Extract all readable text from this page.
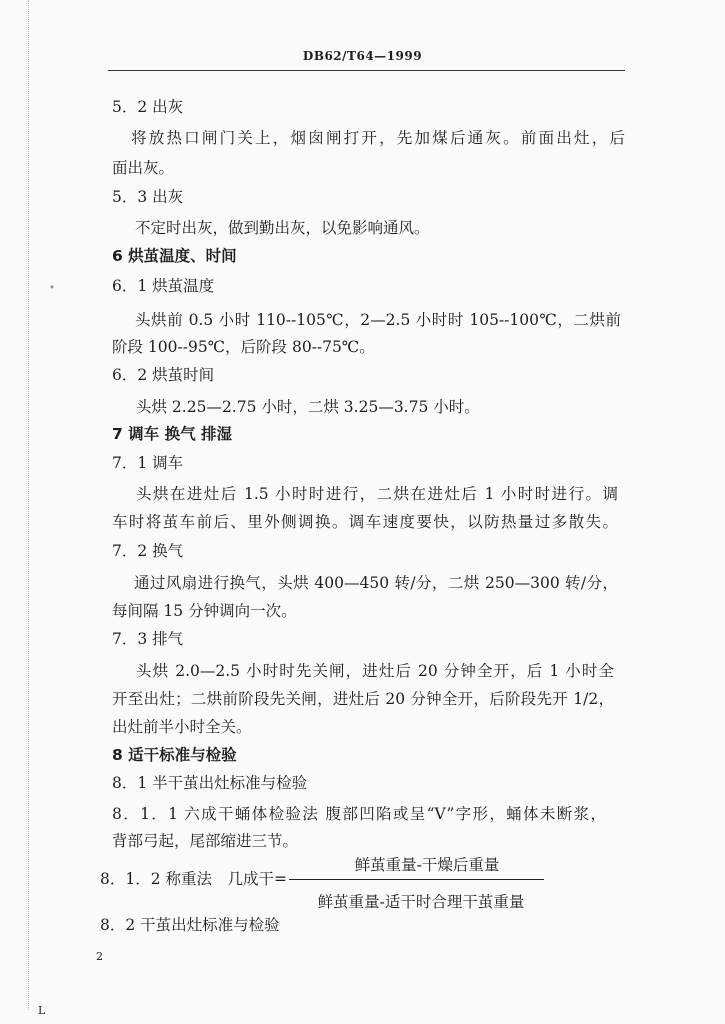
•
DB62/T64—1999
5．2 出灰
将放热口闸门关上，烟囱闸打开，先加煤后通灰。前面出灶，后
面出灰。
5．3 出灰
不定时出灰，做到勤出灰，以免影响通风。
6 烘茧温度、时间
6．1 烘茧温度
头烘前 0.5 小时 110--105℃，2—2.5 小时时 105--100℃，二烘前
阶段 100--95℃，后阶段 80--75℃。
6．2 烘茧时间
头烘 2.25—2.75 小时，二烘 3.25—3.75 小时。
7 调车 换气 排湿
7．1 调车
头烘在进灶后 1.5 小时时进行，二烘在进灶后 1 小时时进行。调
车时将茧车前后、里外侧调换。调车速度要快，以防热量过多散失。
7．2 换气
通过风扇进行换气，头烘 400—450 转/分，二烘 250—300 转/分，
每间隔 15 分钟调向一次。
7．3 排气
头烘 2.0—2.5 小时时先关闸，进灶后 20 分钟全开，后 1 小时全
开至出灶；二烘前阶段先关闸，进灶后 20 分钟全开，后阶段先开 1/2，
出灶前半小时全关。
8 适干标准与检验
8．1 半干茧出灶标准与检验
8．1．1 六成干蛹体检验法 腹部凹陷或呈“V”字形，蛹体未断浆，
背部弓起，尾部缩进三节。
鲜茧重量-干燥后重量
8．1．2 称重法　几成干=
鲜茧重量-适干时合理干茧重量
8．2 干茧出灶标准与检验
2
L
